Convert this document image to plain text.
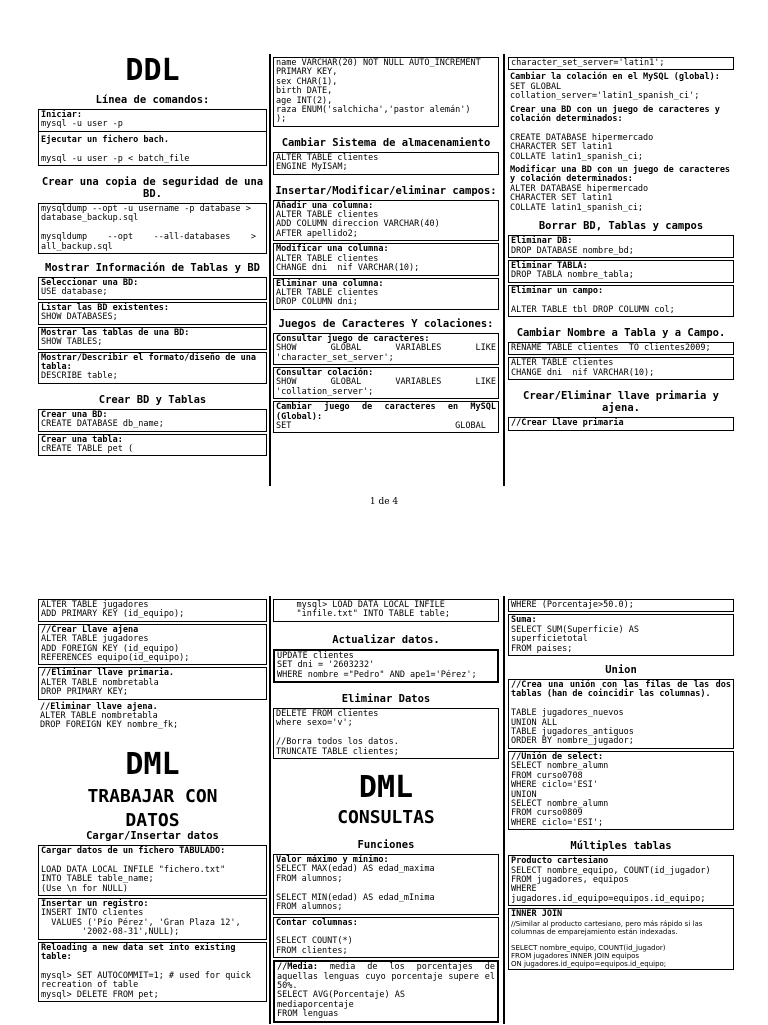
DDL
Línea de comandos:
Iniciar:
mysql -u user -p
Ejecutar un fichero bach.

mysql -u user -p < batch_file
Crear una copia de seguridad de una BD.
mysqldump --opt -u username -p database > database_backup.sql

mysqldump    --opt    --all-databases    > all_backup.sql
Mostrar Información de Tablas y BD
Seleccionar una BD:
USE database;
Listar las BD existentes:
SHOW DATABASES;
Mostrar las tablas de una BD:
SHOW TABLES;
Mostrar/Describir el formato/diseño de una tabla:
DESCRIBE table;
Crear BD y Tablas
Crear una BD:
CREATE DATABASE db_name;
Crear una tabla:
cREATE TABLE pet (
name VARCHAR(20) NOT NULL AUTO_INCREMENT PRIMARY KEY,
sex CHAR(1),
birth DATE,
age INT(2),
raza ENUM('salchicha','pastor alemán')
);
Cambiar Sistema de almacenamiento
ALTER TABLE clientes
ENGINE MyISAM;
Insertar/Modificar/eliminar campos:
Añadir una columna:
ALTER TABLE clientes
ADD COLUMN direccion VARCHAR(40)
AFTER apellido2;
Modificar una columna:
ALTER TABLE clientes
CHANGE dni  nif VARCHAR(10);
Eliminar una columna:
ALTER TABLE clientes
DROP COLUMN dni;
Juegos de Caracteres Y colaciones:
Consultar juego de caracteres:
SHOW    GLOBAL    VARIABLES    LIKE 'character_set_server';
Consultar colación:
SHOW    GLOBAL    VARIABLES    LIKE 'collation_server';
Cambiar juego de caracteres en MySQL (Global):
SET                                GLOBAL
character_set_server='latin1';
Cambiar la colación en el MySQL (global):
SET GLOBAL
collation_server='latin1_spanish_ci';
Crear una BD con un juego de caracteres y colación determinados:

CREATE DATABASE hipermercado
CHARACTER SET latin1
COLLATE latin1_spanish_ci;
Modificar una BD con un juego de caracteres y colación determinados:
ALTER DATABASE hipermercado
CHARACTER SET latin1
COLLATE latin1_spanish_ci;
Borrar BD, Tablas y campos
Eliminar DB:
DROP DATABASE nombre_bd;
Eliminar TABLA:
DROP TABLA nombre_tabla;
Eliminar un campo:

ALTER TABLE tbl DROP COLUMN col;
Cambiar Nombre a Tabla y a Campo.
RENAME TABLE clientes  TO clientes2009;
ALTER TABLE clientes
CHANGE dni  nif VARCHAR(10);
Crear/Eliminar llave primaria y ajena.
//Crear Llave primaria
1 de 4
ALTER TABLE jugadores
ADD PRIMARY KEY (id_equipo);
//Crear Llave ajena
ALTER TABLE jugadores
ADD FOREIGN KEY (id_equipo)
REFERENCES equipo(id_equipo);
//Eliminar llave primaria.
ALTER TABLE nombretabla
DROP PRIMARY KEY;
//Eliminar llave ajena.
ALTER TABLE nombretabla
DROP FOREIGN KEY nombre_fk;
DML
TRABAJAR CON
DATOS
Cargar/Insertar datos
Cargar datos de un fichero TABULADO:

LOAD DATA LOCAL INFILE "fichero.txt"
INTO TABLE table_name;
(Use \n for NULL)
Insertar un registro:
INSERT INTO clientes
VALUES ('Pío Pérez', 'Gran Plaza 12',
'2002-08-31',NULL);
Reloading a new data set into existing table:

mysql> SET AUTOCOMMIT=1; # used for quick recreation of table
mysql> DELETE FROM pet;
mysql> LOAD DATA LOCAL INFILE
"infile.txt" INTO TABLE table;
Actualizar datos.
UPDATE clientes
SET dni = '2603232'
WHERE nombre ="Pedro" AND ape1='Pérez';
Eliminar Datos
DELETE FROM clientes
where sexo='v';

//Borra todos los datos.
TRUNCATE TABLE clientes;
DML
CONSULTAS
Funciones
Valor máximo y mínimo:
SELECT MAX(edad) AS edad_maxima
FROM alumnos;

SELECT MIN(edad) AS edad_mInima
FROM alumnos;
Contar columnas:

SELECT COUNT(*)
FROM clientes;
//Media: media de los porcentajes de aquellas lenguas cuyo porcentaje supere el 50%.
SELECT AVG(Porcentaje) AS
mediaporcentaje
FROM lenguas
WHERE (Porcentaje>50.0);
Suma:
SELECT SUM(Superficie) AS
superficietotal
FROM paises;
Union
//Crea una unión con las filas de las dos tablas (han de coincidir las columnas).

TABLE jugadores_nuevos
UNION ALL
TABLE jugadores_antiguos
ORDER BY nombre_jugador;
//Unión de select:
SELECT nombre_alumn
FROM curso0708
WHERE ciclo='ESI'
UNION
SELECT nombre_alumn
FROM curso0809
WHERE ciclo='ESI';
Múltiples tablas
Producto cartesiano
SELECT nombre_equipo, COUNT(id_jugador)
FROM jugadores, equipos
WHERE
jugadores.id_equipo=equipos.id_equipo;
INNER JOIN
//Similar al producto cartesiano, pero más rápido si las columnas de emparejamiento están indexadas.

SELECT nombre_equipo, COUNT(id_jugador)
FROM jugadores INNER JOIN equipos
ON jugadores.id_equipo=equipos.id_equipo;
